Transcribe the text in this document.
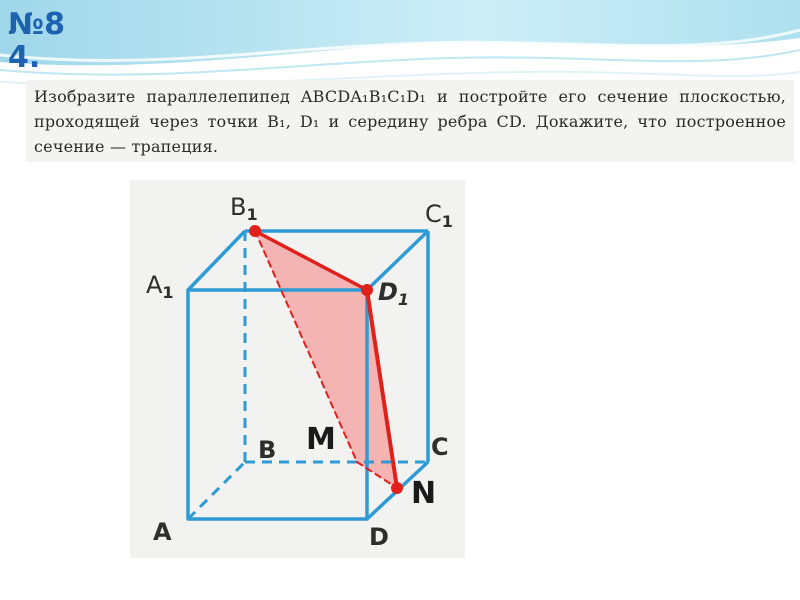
№8
4.

Изобразите параллелепипед ABCDA₁B₁C₁D₁ и постройте его сечение плоскостью, проходящей через точки B₁, D₁ и середину ребра CD. Докажите, что построенное сечение — трапеция.

$B_1$	$C_1$
$A_1$	$D_1$
B	C
A	D
M
N
